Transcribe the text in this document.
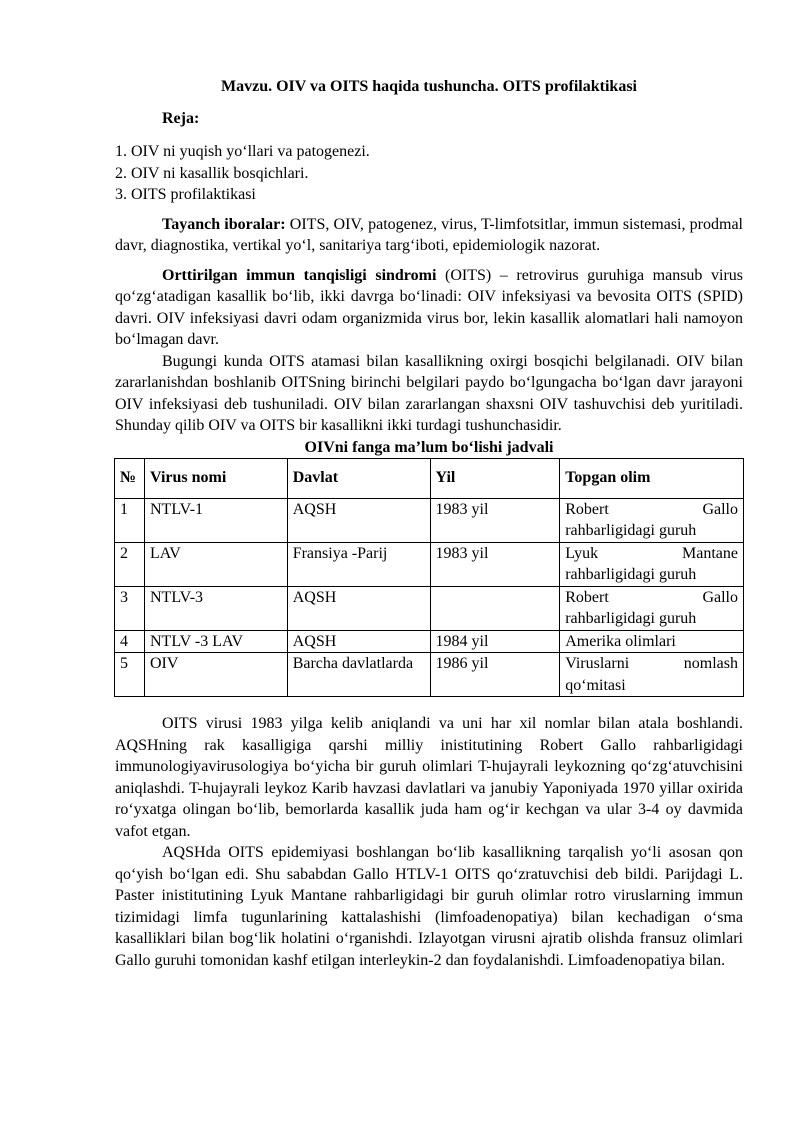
Mavzu. OIV va OITS haqida tushuncha. OITS profilaktikasi
Reja:
1. OIV ni yuqish yo‘llari va patogenezi.
2. OIV ni kasallik bosqichlari.
3. OITS profilaktikasi

Tayanch iboralar: OITS, OIV, patogenez, virus, T-limfotsitlar, immun sistemasi, prodmal davr, diagnostika, vertikal yo‘l, sanitariya targ‘iboti, epidemiologik nazorat.

Orttirilgan immun tanqisligi sindromi (OITS) – retrovirus guruhiga mansub virus qo‘zg‘atadigan kasallik bo‘lib, ikki davrga bo‘linadi: OIV infeksiyasi va bevosita OITS (SPID) davri. OIV infeksiyasi davri odam organizmida virus bor, lekin kasallik alomatlari hali namoyon bo‘lmagan davr.

Bugungi kunda OITS atamasi bilan kasallikning oxirgi bosqichi belgilanadi. OIV bilan zararlanishdan boshlanib OITSning birinchi belgilari paydo bo‘lgungacha bo‘lgan davr jarayoni OIV infeksiyasi deb tushuniladi. OIV bilan zararlangan shaxsni OIV tashuvchisi deb yuritiladi. Shunday qilib OIV va OITS bir kasallikni ikki turdagi tushunchasidir.

OIVni fanga ma’lum bo‘lishi jadvali
№	Virus nomi	Davlat	Yil	Topgan olim
1	NTLV-1	AQSH	1983 yil	Robert Gallo rahbarligidagi guruh
2	LAV	Fransiya -Parij	1983 yil	Lyuk Mantane rahbarligidagi guruh
3	NTLV-3	AQSH		Robert Gallo rahbarligidagi guruh
4	NTLV -3 LAV	AQSH	1984 yil	Amerika olimlari
5	OIV	Barcha davlatlarda	1986 yil	Viruslarni nomlash qo‘mitasi

OITS virusi 1983 yilga kelib aniqlandi va uni har xil nomlar bilan atala boshlandi. AQSHning rak kasalligiga qarshi milliy inistitutining Robert Gallo rahbarligidagi immunologiyavirusologiya bo‘yicha bir guruh olimlari T-hujayrali leykozning qo‘zg‘atuvchisini aniqlashdi. T-hujayrali leykoz Karib havzasi davlatlari va janubiy Yaponiyada 1970 yillar oxirida ro‘yxatga olingan bo‘lib, bemorlarda kasallik juda ham og‘ir kechgan va ular 3-4 oy davmida vafot etgan.

AQSHda OITS epidemiyasi boshlangan bo‘lib kasallikning tarqalish yo‘li asosan qon qo‘yish bo‘lgan edi. Shu sababdan Gallo HTLV-1 OITS qo‘zratuvchisi deb bildi. Parijdagi L. Paster inistitutining Lyuk Mantane rahbarligidagi bir guruh olimlar rotro viruslarning immun tizimidagi limfa tugunlarining kattalashishi (limfoadenopatiya) bilan kechadigan o‘sma kasalliklari bilan bog‘lik holatini o‘rganishdi. Izlayotgan virusni ajratib olishda fransuz olimlari Gallo guruhi tomonidan kashf etilgan interleykin-2 dan foydalanishdi. Limfoadenopatiya bilan.
